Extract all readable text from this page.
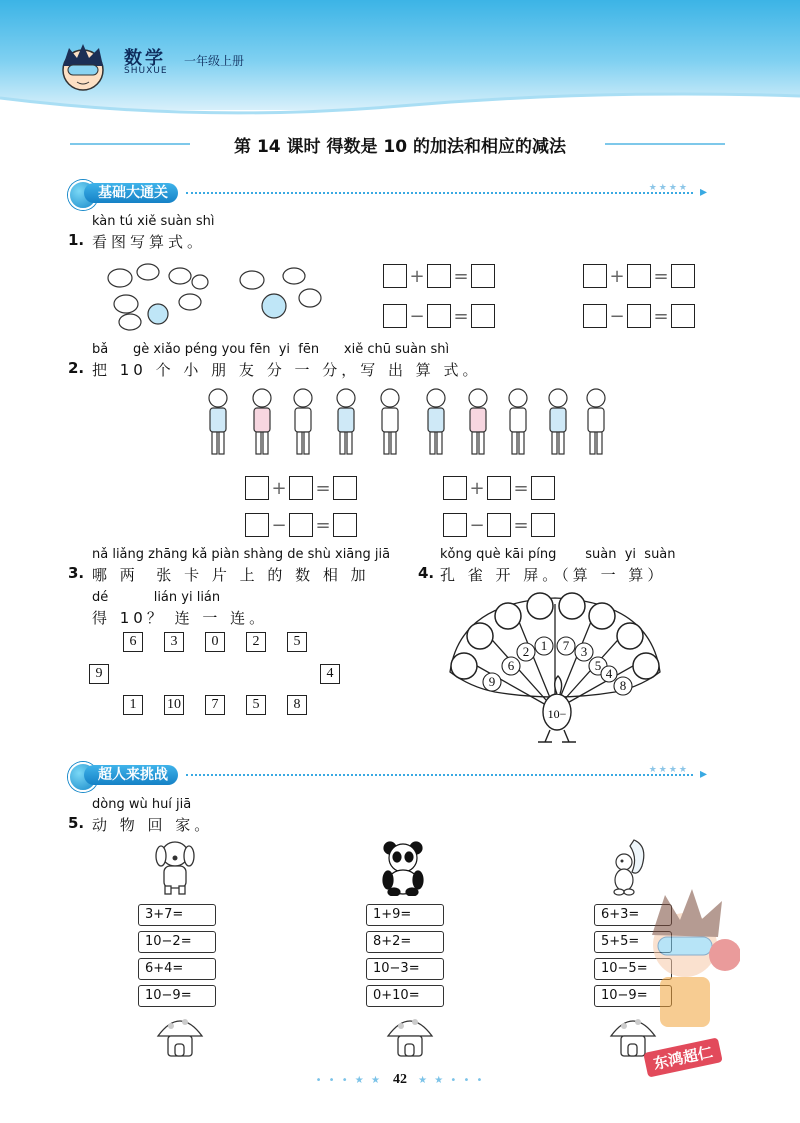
数学
SHUXUE
一年级上册
第 14 课时 得数是 10 的加法和相应的减法
基础大通关	★★★★ ▸
kàn tú xiě suàn shì
1. 看图写算式。
+ =
− =
+ =
− =
bǎ      gè xiǎo péng you fēn  yi  fēn      xiě chū suàn shì
2. 把 10 个 小 朋 友 分 一 分，写 出 算 式。
+ =
− =
+ =
− =
nǎ liǎng zhāng kǎ piàn shàng de shù xiāng jiā
3. 哪 两  张 卡 片 上 的 数 相 加
dé           lián yi lián
得 10？ 连 一 连。
6	3	0	2	5
9	4
1	10	7	5	8
kǒng què kāi píng       suàn  yi  suàn
4. 孔 雀 开 屏。（算 一 算）
1 7
2
6
3
5
4
9	8
10−
超人来挑战	★★★★ ▸
dòng wù huí jiā
5. 动 物 回 家。
3+7=
10−2=
6+4=
10−9=
1+9=
8+2=
10−3=
0+10=
6+3=
5+5=
10−5=
10−9=
东鸿超仁
• • • ★ ★ 42 ★ ★ • • •
